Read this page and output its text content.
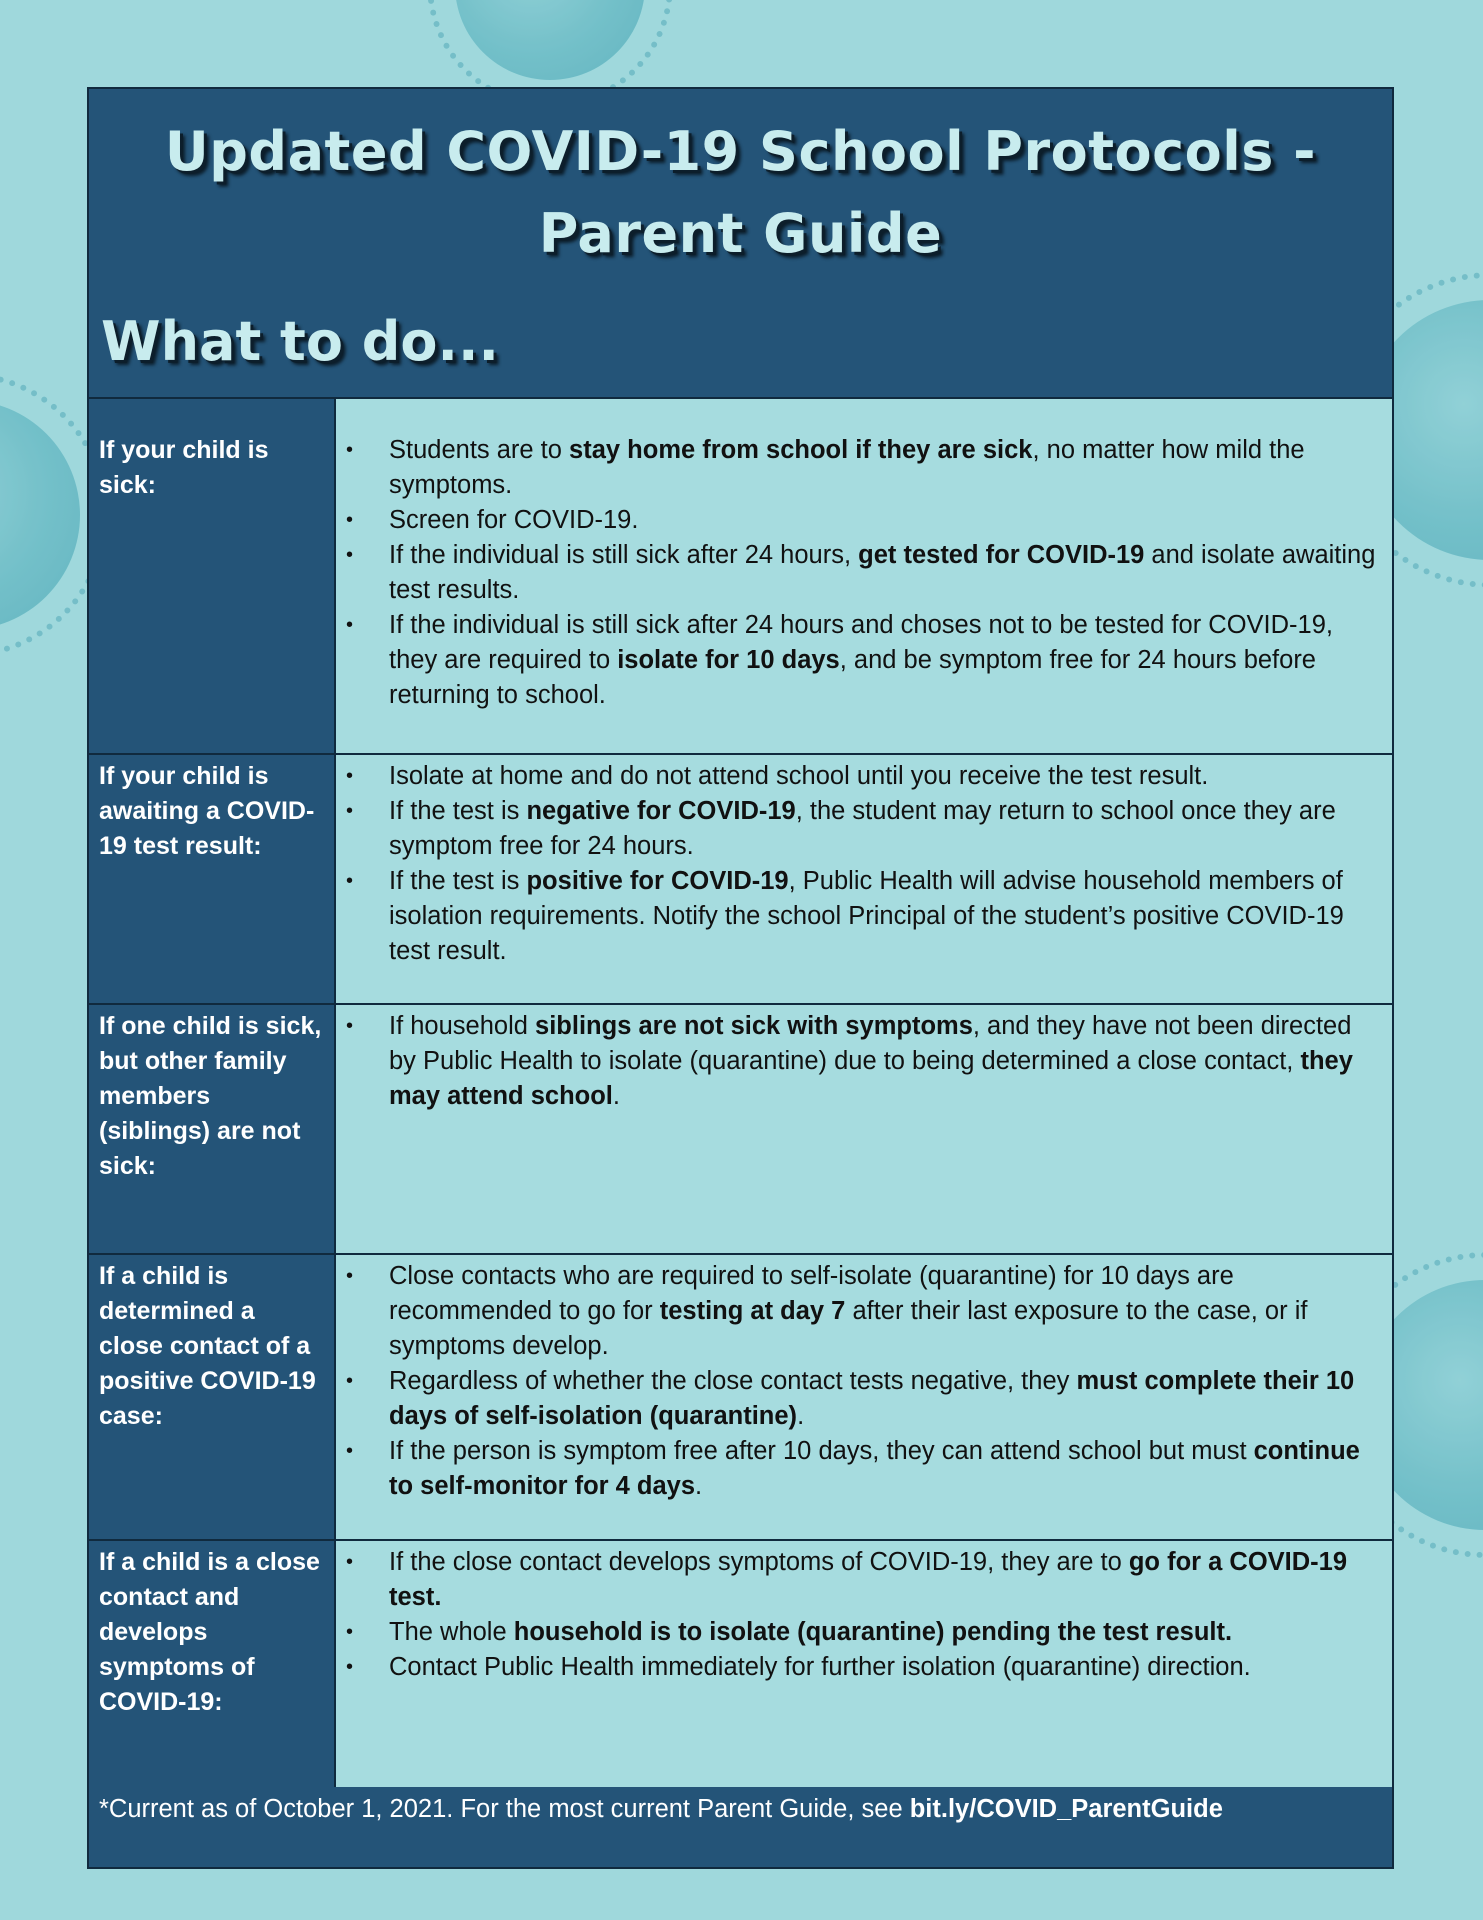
Updated COVID-19 School Protocols -
Parent Guide
What to do...
If your child is sick:
• Students are to stay home from school if they are sick, no matter how mild the symptoms.
• Screen for COVID-19.
• If the individual is still sick after 24 hours, get tested for COVID-19 and isolate awaiting test results.
• If the individual is still sick after 24 hours and choses not to be tested for COVID-19, they are required to isolate for 10 days, and be symptom free for 24 hours before returning to school.
If your child is awaiting a COVID-19 test result:
• Isolate at home and do not attend school until you receive the test result.
• If the test is negative for COVID-19, the student may return to school once they are symptom free for 24 hours.
• If the test is positive for COVID-19, Public Health will advise household members of isolation requirements. Notify the school Principal of the student’s positive COVID-19 test result.
If one child is sick, but other family members (siblings) are not sick:
• If household siblings are not sick with symptoms, and they have not been directed by Public Health to isolate (quarantine) due to being determined a close contact, they may attend school.
If a child is determined a close contact of a positive COVID-19 case:
• Close contacts who are required to self-isolate (quarantine) for 10 days are recommended to go for testing at day 7 after their last exposure to the case, or if symptoms develop.
• Regardless of whether the close contact tests negative, they must complete their 10 days of self-isolation (quarantine).
• If the person is symptom free after 10 days, they can attend school but must continue to self-monitor for 4 days.
If a child is a close contact and develops symptoms of COVID-19:
• If the close contact develops symptoms of COVID-19, they are to go for a COVID-19 test.
• The whole household is to isolate (quarantine) pending the test result.
• Contact Public Health immediately for further isolation (quarantine) direction.
*Current as of October 1, 2021. For the most current Parent Guide, see bit.ly/COVID_ParentGuide
